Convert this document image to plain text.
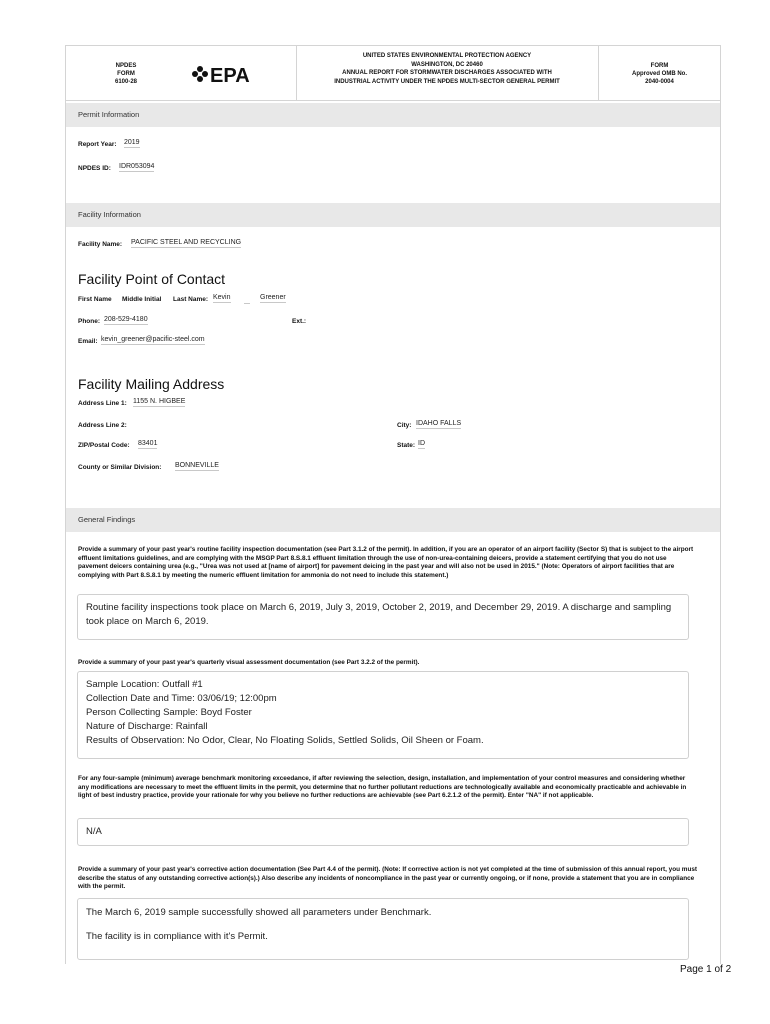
NPDES
FORM
6100-28	EPA
UNITED STATES ENVIRONMENTAL PROTECTION AGENCY
WASHINGTON, DC 20460
ANNUAL REPORT FOR STORMWATER DISCHARGES ASSOCIATED WITH
INDUSTRIAL ACTIVITY UNDER THE NPDES MULTI-SECTOR GENERAL PERMIT
FORM
Approved OMB No.
2040-0004
Permit Information
Report Year: 2019
NPDES ID: IDR053094
Facility Information
Facility Name: PACIFIC STEEL AND RECYCLING
Facility Point of Contact
First Name Middle Initial Last Name: Kevin	Greener
Phone: 208-529-4180	Ext.:
Email: kevin_greener@pacific-steel.com
Facility Mailing Address
Address Line 1: 1155 N. HIGBEE
Address Line 2:	City: IDAHO FALLS
ZIP/Postal Code: 83401	State: ID
County or Similar Division: BONNEVILLE
General Findings
Provide a summary of your past year's routine facility inspection documentation (see Part 3.1.2 of the permit). In addition, if you are an operator of an airport facility (Sector S) that is subject to the airport effluent limitations guidelines, and are complying with the MSGP Part 8.S.8.1 effluent limitation through the use of non-urea-containing deicers, provide a statement certifying that you do not use pavement deicers containing urea (e.g., "Urea was not used at [name of airport] for pavement deicing in the past year and will also not be used in 2015." (Note: Operators of airport facilities that are complying with Part 8.S.8.1 by meeting the numeric effluent limitation for ammonia do not need to include this statement.)

Routine facility inspections took place on March 6, 2019, July 3, 2019, October 2, 2019, and December 29, 2019. A discharge and sampling took place on March 6, 2019.

Provide a summary of your past year's quarterly visual assessment documentation (see Part 3.2.2 of the permit).

Sample Location: Outfall #1

Collection Date and Time: 03/06/19; 12:00pm

Person Collecting Sample: Boyd Foster

Nature of Discharge: Rainfall

Results of Observation: No Odor, Clear, No Floating Solids, Settled Solids, Oil Sheen or Foam.

For any four-sample (minimum) average benchmark monitoring exceedance, if after reviewing the selection, design, installation, and implementation of your control measures and considering whether any modifications are necessary to meet the effluent limits in the permit, you determine that no further pollutant reductions are technologically available and economically practicable and achievable in light of best industry practice, provide your rationale for why you believe no further reductions are achievable (see Part 6.2.1.2 of the permit). Enter "NA" if not applicable.

N/A

Provide a summary of your past year's corrective action documentation (See Part 4.4 of the permit). (Note: If corrective action is not yet completed at the time of submission of this annual report, you must describe the status of any outstanding corrective action(s).) Also describe any incidents of noncompliance in the past year or currently ongoing, or if none, provide a statement that you are in compliance with the permit.

The March 6, 2019 sample successfully showed all parameters under Benchmark.

The facility is in compliance with it's Permit.

Page 1 of 2
